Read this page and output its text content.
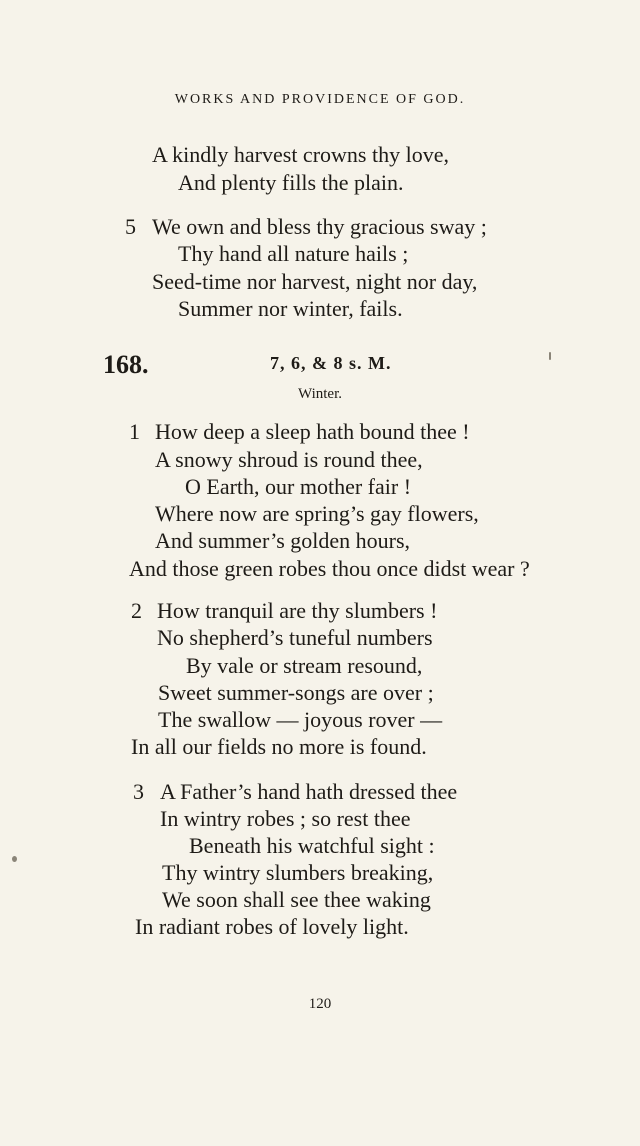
WORKS AND PROVIDENCE OF GOD.
A kindly harvest crowns thy love,
And plenty fills the plain.
5 We own and bless thy gracious sway ;
Thy hand all nature hails ;
Seed-time nor harvest, night nor day,
Summer nor winter, fails.
168.	7, 6, & 8 s. M.
Winter.
1 How deep a sleep hath bound thee !
A snowy shroud is round thee,
O Earth, our mother fair !
Where now are spring’s gay flowers,
And summer’s golden hours,
And those green robes thou once didst wear ?
2 How tranquil are thy slumbers !
No shepherd’s tuneful numbers
By vale or stream resound,
Sweet summer-songs are over ;
The swallow — joyous rover —
In all our fields no more is found.
3 A Father’s hand hath dressed thee
In wintry robes ; so rest thee
Beneath his watchful sight :
Thy wintry slumbers breaking,
We soon shall see thee waking
In radiant robes of lovely light.
120
